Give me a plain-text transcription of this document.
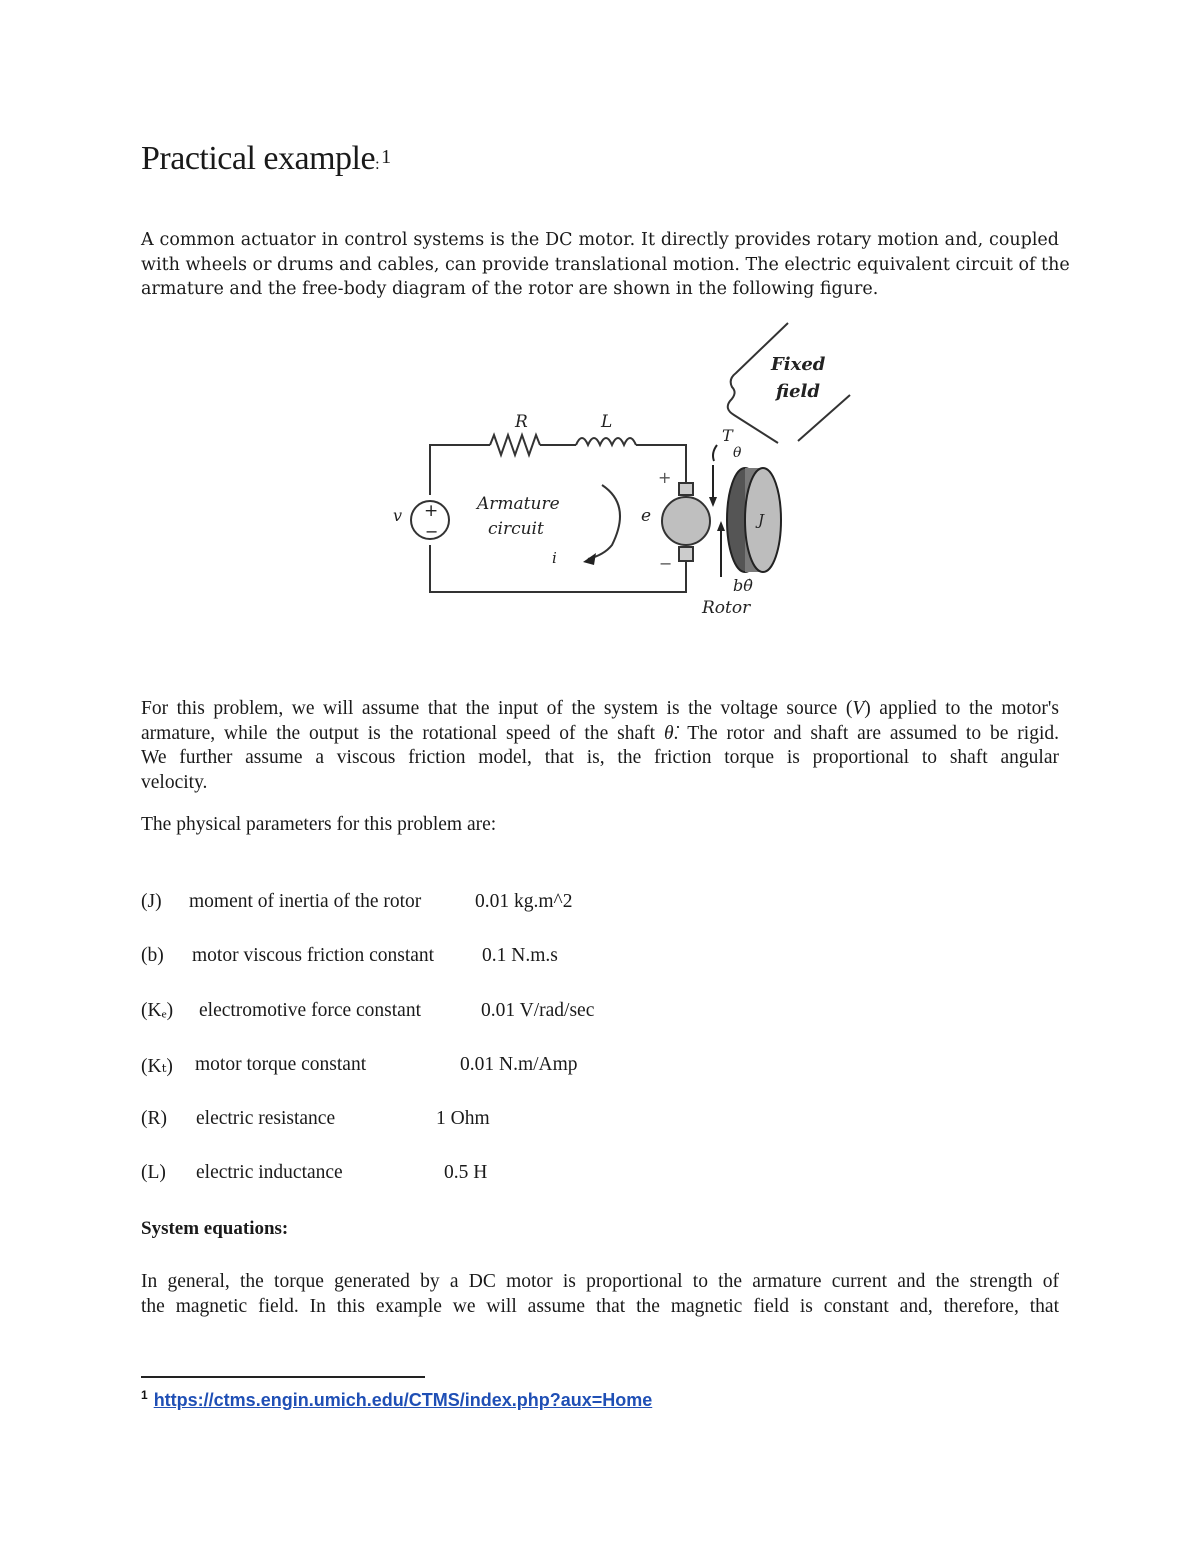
Practical example: $^1$
A common actuator in control systems is the DC motor. It directly provides rotary motion and, coupled
with wheels or drums and cables, can provide translational motion. The electric equivalent circuit of the
armature and the free-body diagram of the rotor are shown in the following figure.
R	L
v +
−
Armature
circuit
i
e
+
−
T
θ
J
bθ̇
Rotor
Fixed
field
For this problem, we will assume that the input of the system is the voltage source (V) applied to the motor's
armature, while the output is the rotational speed of the shaft θ̇. The rotor and shaft are assumed to be rigid.
We further assume a viscous friction model, that is, the friction torque is proportional to shaft angular
velocity.
The physical parameters for this problem are:
(J) moment of inertia of the rotor	0.01 kg.m^2
(b) motor viscous friction constant 0.1 N.m.s
(Kₑ) electromotive force constant	0.01 V/rad/sec
(Kₜ) motor torque constant	0.01 N.m/Amp
(R) electric resistance	1 Ohm
(L) electric inductance	0.5 H
System equations:
In general, the torque generated by a DC motor is proportional to the armature current and the strength of
the magnetic field. In this example we will assume that the magnetic field is constant and, therefore, that
$^1$ https://ctms.engin.umich.edu/CTMS/index.php?aux=Home
